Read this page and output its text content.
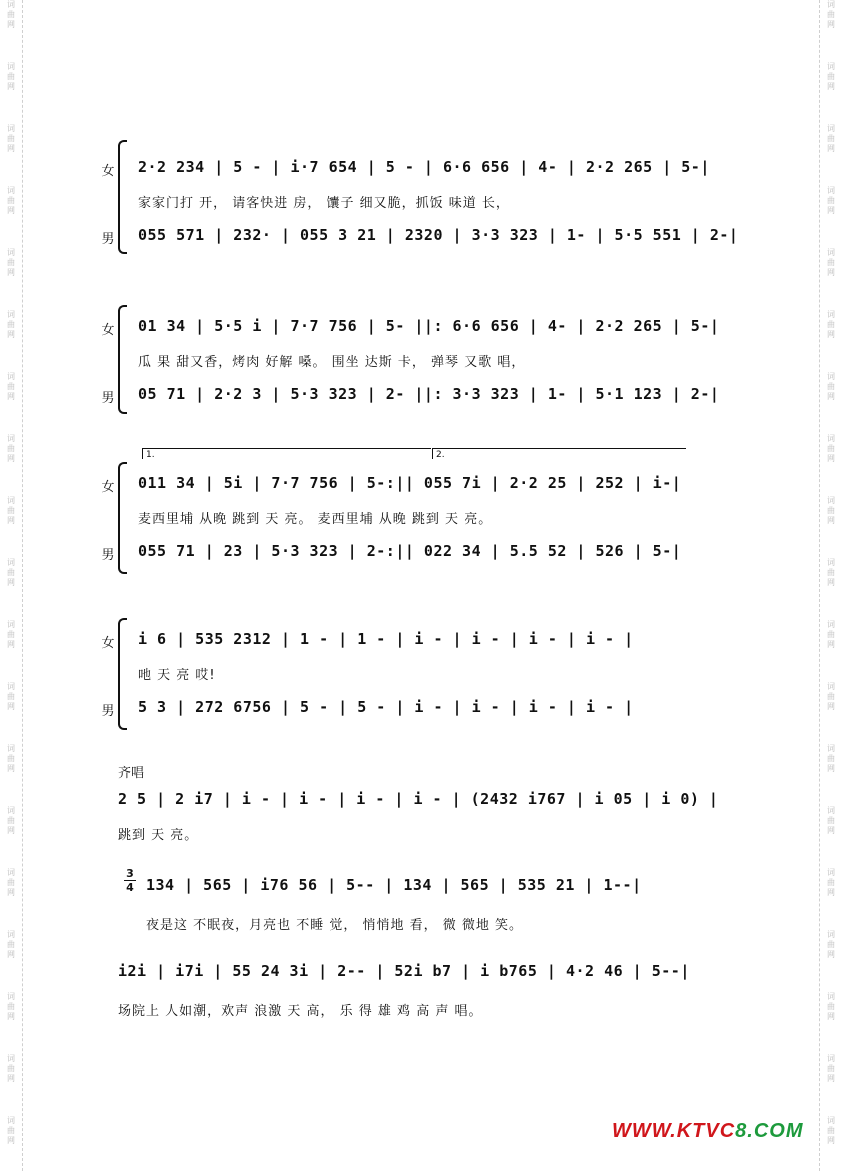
词
曲
网
词
曲
网
词
曲
网
词
曲
网
词
曲
网
词
曲
网
词
曲
网
词
曲
网
词
曲
网
词
曲
网
词
曲
网
词
曲
网
词
曲
网
词
曲
网
词
曲
网
词
曲
网
词
曲
网
词
曲
网
词
曲
网
词
曲
网
词
曲
网
词
曲
网
词
曲
网
词
曲
网
词
曲
网
词
曲
网
词
曲
网
词
曲
网
词
曲
网
词
曲
网
词
曲
网
词
曲
网
词
曲
网
词
曲
网
词
曲
网
词
曲
网
词
曲
网
词
曲
网
女
男
2·2 234 | 5 - | i·7 654 | 5 - | 6·6 656 | 4- | 2·2 265 | 5-|
家家门打 开， 请客快进 房， 馕子 细又脆，抓饭 味道 长，
055 571 | 232· | 055 3 21 | 2320 | 3·3 323 | 1- | 5·5 551 | 2-|
女
男
01 34 | 5·5 i | 7·7 756 | 5- ||: 6·6 656 | 4- | 2·2 265 | 5-|
瓜 果 甜又香，烤肉 好解 嗓。 围坐 达斯 卡， 弹琴 又歌 唱，
05 71 | 2·2 3 | 5·3 323 | 2- ||: 3·3 323 | 1- | 5·1 123 | 2-|
1.	2.
女
男
011 34 | 5i | 7·7 756 | 5-:|| 055 7i | 2·2 25 | 252 | i-|
麦西里埔 从晚 跳到 天 亮。 麦西里埔 从晚 跳到 天 亮。
055 71 | 23 | 5·3 323 | 2-:|| 022 34 | 5.5 52 | 526 | 5-|
女
男
i 6 | 535 2312 | 1 - | 1 - | i - | i - | i - | i - |
吔 天 亮 哎!
5 3 | 272 6756 | 5 - | 5 - | i - | i - | i - | i - |
齐唱
2 5 | 2 i7 | i - | i - | i - | i - | (2432 i767 | i 05 | i 0) |
跳到 天 亮。
3
4 134 | 565 | i76 56 | 5-- | 134 | 565 | 535 21 | 1--|
夜是这 不眠夜，月亮也 不睡 觉， 悄悄地 看， 微 微地 笑。
i2i | i7i | 55 24 3i | 2-- | 52i b7 | i b765 | 4·2 46 | 5--|
场院上 人如潮，欢声 浪激 天 高， 乐 得 雄 鸡 高 声 唱。
WWW.KTVC8.COM
